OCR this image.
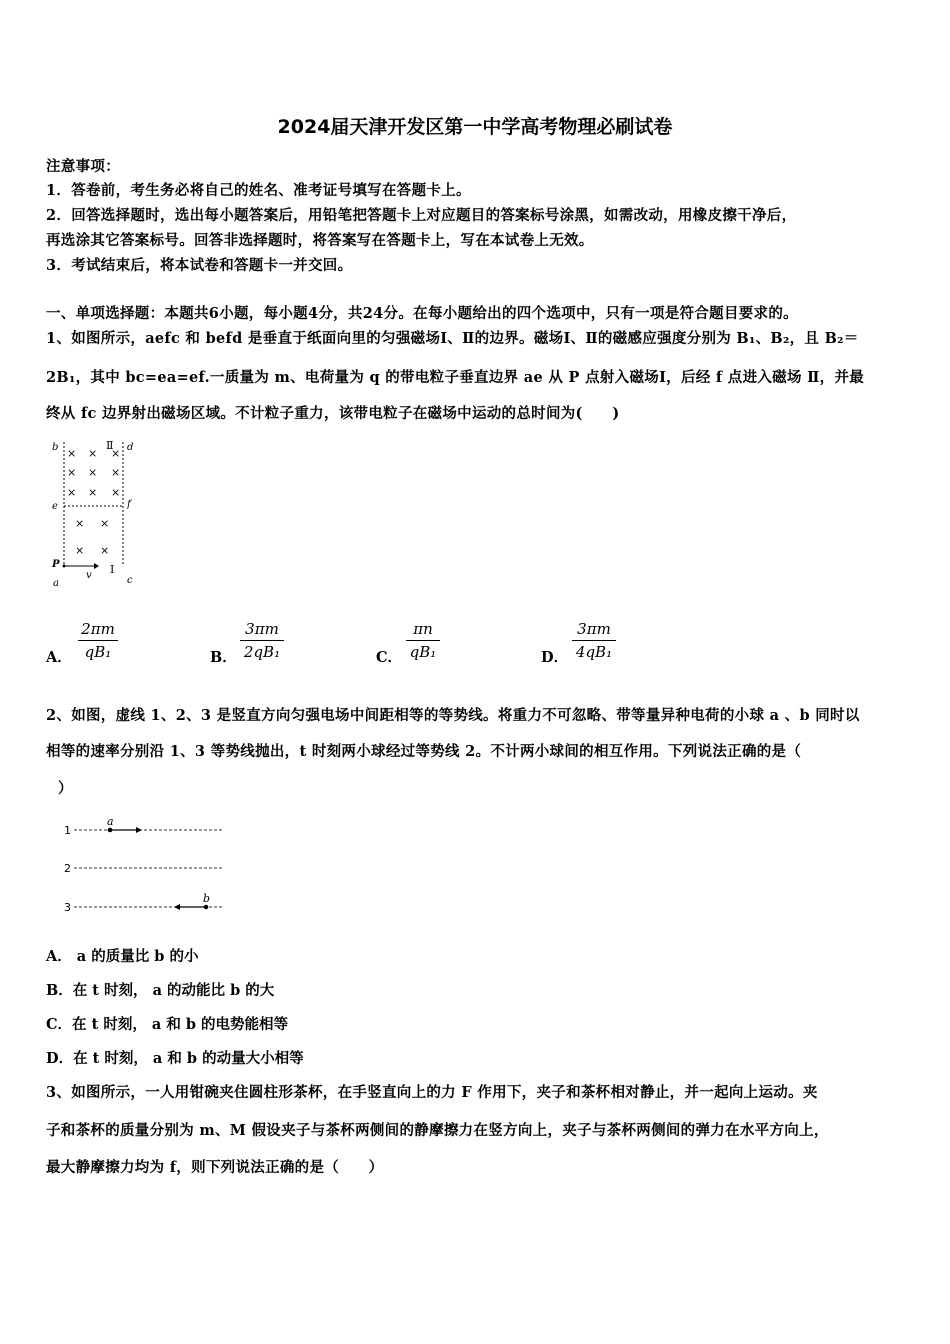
2024届天津开发区第一中学高考物理必刷试卷
注意事项：
1．答卷前，考生务必将自己的姓名、准考证号填写在答题卡上。
2．回答选择题时，选出每小题答案后，用铅笔把答题卡上对应题目的答案标号涂黑，如需改动，用橡皮擦干净后，
再选涂其它答案标号。回答非选择题时，将答案写在答题卡上，写在本试卷上无效。
3．考试结束后，将本试卷和答题卡一并交回。
一、单项选择题：本题共6小题，每小题4分，共24分。在每小题给出的四个选项中，只有一项是符合题目要求的。
1、如图所示，aefc 和 befd 是垂直于纸面向里的匀强磁场Ⅰ、Ⅱ的边界。磁场Ⅰ、Ⅱ的磁感应强度分别为 B₁、B₂，且 B₂＝
2B₁，其中 bc=ea=ef.一质量为 m、电荷量为 q 的带电粒子垂直边界 ae 从 P 点射入磁场Ⅰ，后经 f 点进入磁场 Ⅱ，并最
终从 fc 边界射出磁场区域。不计粒子重力，该带电粒子在磁场中运动的总时间为(　　)
× × ×
× × ×
× × ×
× ×
× ×
b	d
e	f
P
a	c
Ⅱ
Ⅰ
v
A． $\frac{2\pi m}{\text{qB₁}}$	B． $\frac{3\pi m}{\text{2qB₁}}$	C． $\frac{\pi n}{\text{qB₁}}$	D． $\frac{3\pi m}{\text{4qB₁}}$
2、如图，虚线 1、2、3 是竖直方向匀强电场中间距相等的等势线。将重力不可忽略、带等量异种电荷的小球 a 、b 同时以
相等的速率分别沿 1、3 等势线抛出，t 时刻两小球经过等势线 2。不计两小球间的相互作用。下列说法正确的是（
）
1
2
3
a
b
A． a 的质量比 b 的小
B．在 t 时刻， a 的动能比 b 的大
C．在 t 时刻， a 和 b 的电势能相等
D．在 t 时刻， a 和 b 的动量大小相等
3、如图所示，一人用钳碗夹住圆柱形茶杯，在手竖直向上的力 F 作用下，夹子和茶杯相对静止，并一起向上运动。夹
子和茶杯的质量分别为 m、M 假设夹子与茶杯两侧间的静摩擦力在竖方向上，夹子与茶杯两侧间的弹力在水平方向上，
最大静摩擦力均为 f，则下列说法正确的是（　　）
